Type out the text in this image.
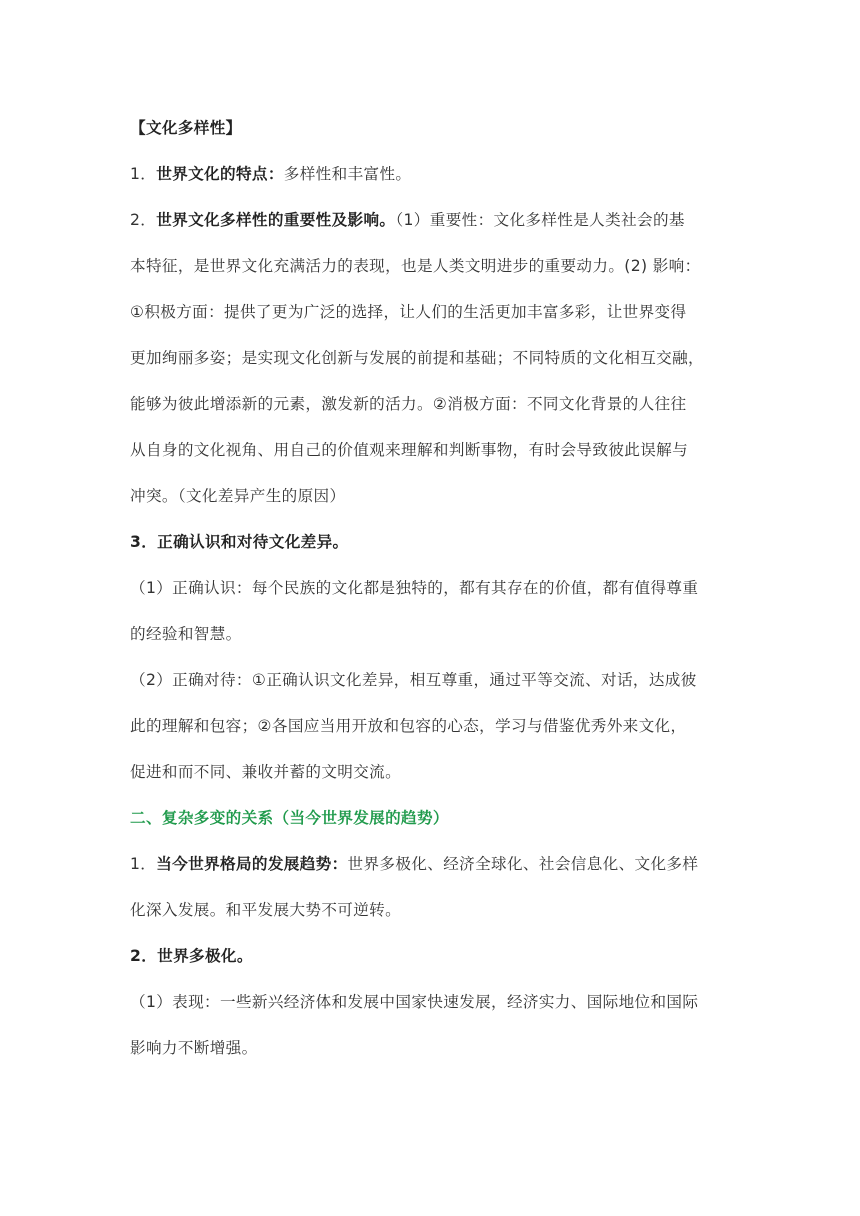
【文化多样性】
1．世界文化的特点：多样性和丰富性。
2．世界文化多样性的重要性及影响。（1）重要性：文化多样性是人类社会的基
本特征，是世界文化充满活力的表现，也是人类文明进步的重要动力。(2) 影响：
①积极方面：提供了更为广泛的选择，让人们的生活更加丰富多彩，让世界变得
更加绚丽多姿；是实现文化创新与发展的前提和基础；不同特质的文化相互交融，
能够为彼此增添新的元素，激发新的活力。②消极方面：不同文化背景的人往往
从自身的文化视角、用自己的价值观来理解和判断事物，有时会导致彼此误解与
冲突。（文化差异产生的原因）
3．正确认识和对待文化差异。
（1）正确认识：每个民族的文化都是独特的，都有其存在的价值，都有值得尊重
的经验和智慧。
（2）正确对待：①正确认识文化差异，相互尊重，通过平等交流、对话，达成彼
此的理解和包容；②各国应当用开放和包容的心态，学习与借鉴优秀外来文化，
促进和而不同、兼收并蓄的文明交流。
二、复杂多变的关系（当今世界发展的趋势）
1．当今世界格局的发展趋势：世界多极化、经济全球化、社会信息化、文化多样
化深入发展。和平发展大势不可逆转。
2．世界多极化。
（1）表现：一些新兴经济体和发展中国家快速发展，经济实力、国际地位和国际
影响力不断增强。
